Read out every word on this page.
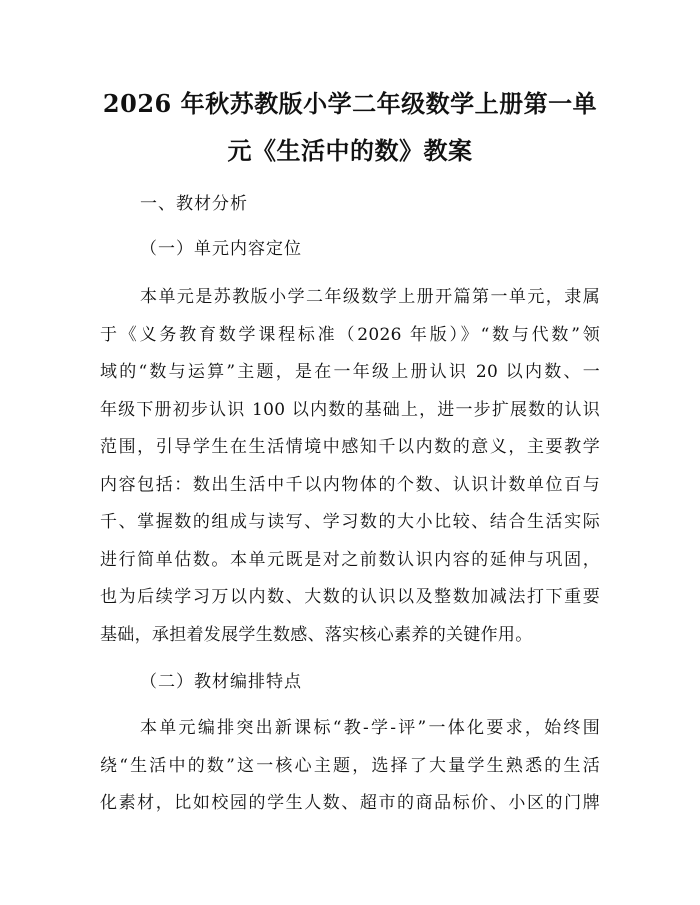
2026 年秋苏教版小学二年级数学上册第一单
元《生活中的数》教案
一、教材分析
（一）单元内容定位
本单元是苏教版小学二年级数学上册开篇第一单元，隶属
于《义务教育数学课程标准（2026 年版）》“数与代数”领
域的“数与运算”主题，是在一年级上册认识 20 以内数、一
年级下册初步认识 100 以内数的基础上，进一步扩展数的认识
范围，引导学生在生活情境中感知千以内数的意义，主要教学
内容包括：数出生活中千以内物体的个数、认识计数单位百与
千、掌握数的组成与读写、学习数的大小比较、结合生活实际
进行简单估数。本单元既是对之前数认识内容的延伸与巩固，
也为后续学习万以内数、大数的认识以及整数加减法打下重要
基础，承担着发展学生数感、落实核心素养的关键作用。
（二）教材编排特点
本单元编排突出新课标“教-学-评”一体化要求，始终围
绕“生活中的数”这一核心主题，选择了大量学生熟悉的生活
化素材，比如校园的学生人数、超市的商品标价、小区的门牌
